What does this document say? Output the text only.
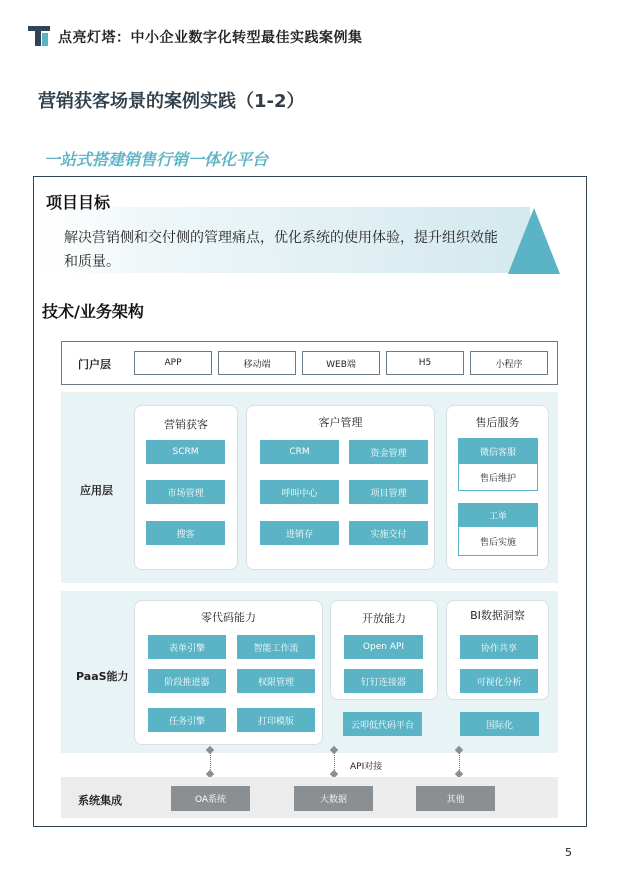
点亮灯塔：中小企业数字化转型最佳实践案例集
营销获客场景的案例实践（1-2）
一站式搭建销售行销一体化平台
项目目标
解决营销侧和交付侧的管理痛点，优化系统的使用体验，提升组织效能和质量。
技术/业务架构
门户层	APP	移动端	WEB端	H5	小程序
应用层
营销获客
SCRM
市场管理
搜客
客户管理
CRM	资金管理
呼叫中心	项目管理
进销存	实施交付
售后服务
微信客服
售后维护
工单
售后实施
PaaS能力
零代码能力
表单引擎	智能工作流
阶段推进器	权限管理
任务引擎	打印模版
开放能力
Open API
钉钉连接器
云叩低代码平台
BI数据洞察
协作共享
可视化分析
国际化
API对接
系统集成	OA系统	大数据	其他
5
